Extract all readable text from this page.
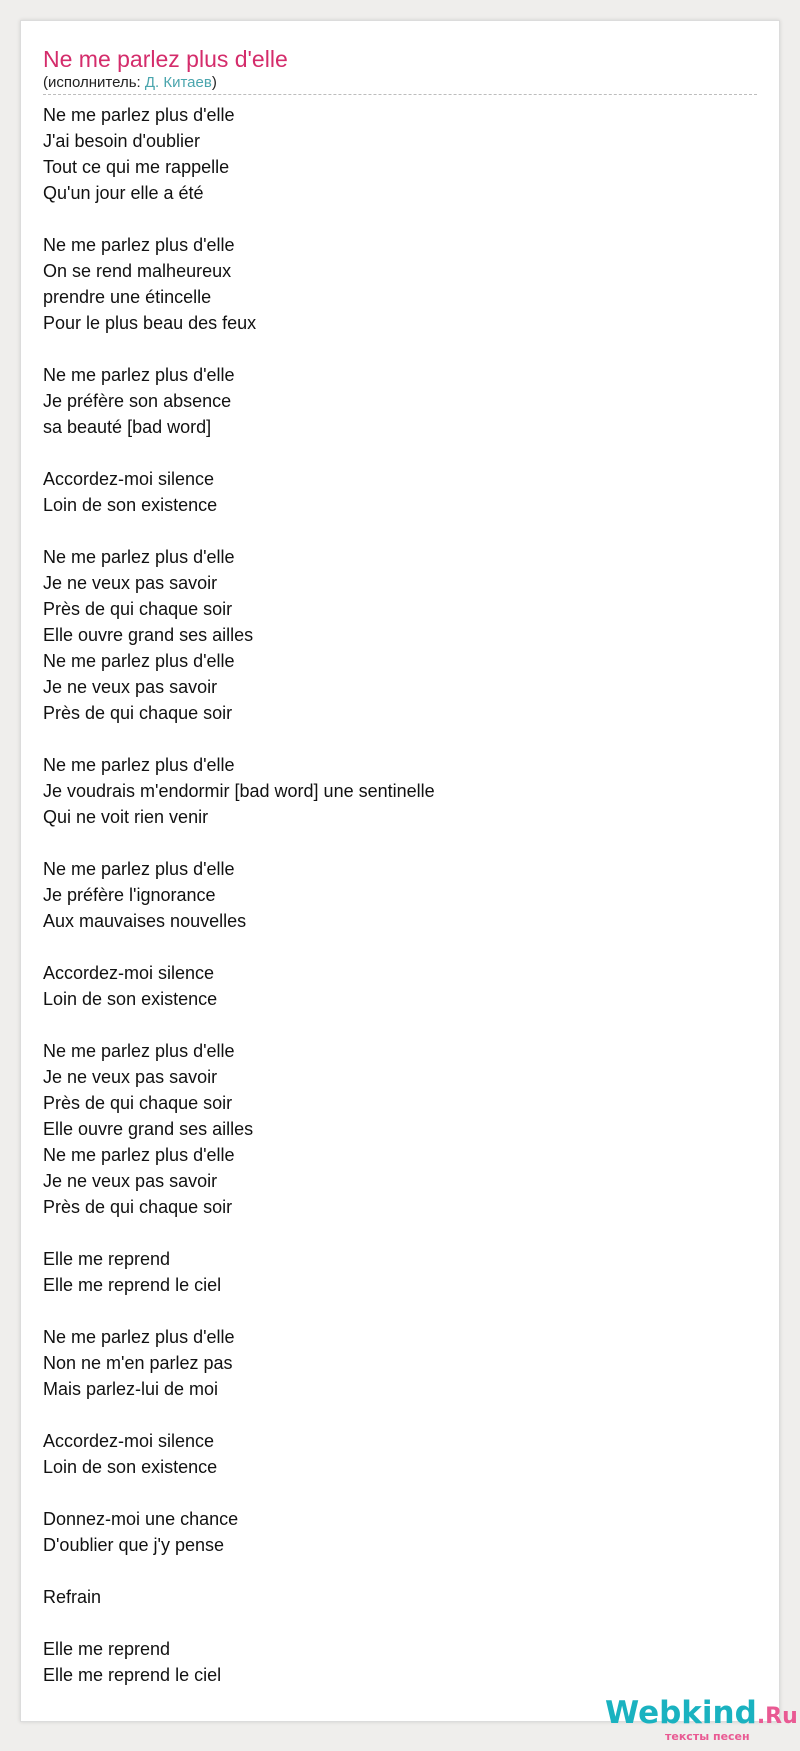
Ne me parlez plus d'elle
(исполнитель: Д. Китаев)
Ne me parlez plus d'elle
J'ai besoin d'oublier
Tout ce qui me rappelle
Qu'un jour elle a été
Ne me parlez plus d'elle
On se rend malheureux
prendre une étincelle
Pour le plus beau des feux
Ne me parlez plus d'elle
Je préfère son absence
sa beauté [bad word]
Accordez-moi silence
Loin de son existence
Ne me parlez plus d'elle
Je ne veux pas savoir
Près de qui chaque soir
Elle ouvre grand ses ailles
Ne me parlez plus d'elle
Je ne veux pas savoir
Près de qui chaque soir
Ne me parlez plus d'elle
Je voudrais m'endormir [bad word] une sentinelle
Qui ne voit rien venir
Ne me parlez plus d'elle
Je préfère l'ignorance
Aux mauvaises nouvelles
Accordez-moi silence
Loin de son existence
Ne me parlez plus d'elle
Je ne veux pas savoir
Près de qui chaque soir
Elle ouvre grand ses ailles
Ne me parlez plus d'elle
Je ne veux pas savoir
Près de qui chaque soir
Elle me reprend
Elle me reprend le ciel
Ne me parlez plus d'elle
Non ne m'en parlez pas
Mais parlez-lui de moi
Accordez-moi silence
Loin de son existence
Donnez-moi une chance
D'oublier que j'y pense
Refrain
Elle me reprend
Elle me reprend le ciel
Webkind.Ru
тексты песен
